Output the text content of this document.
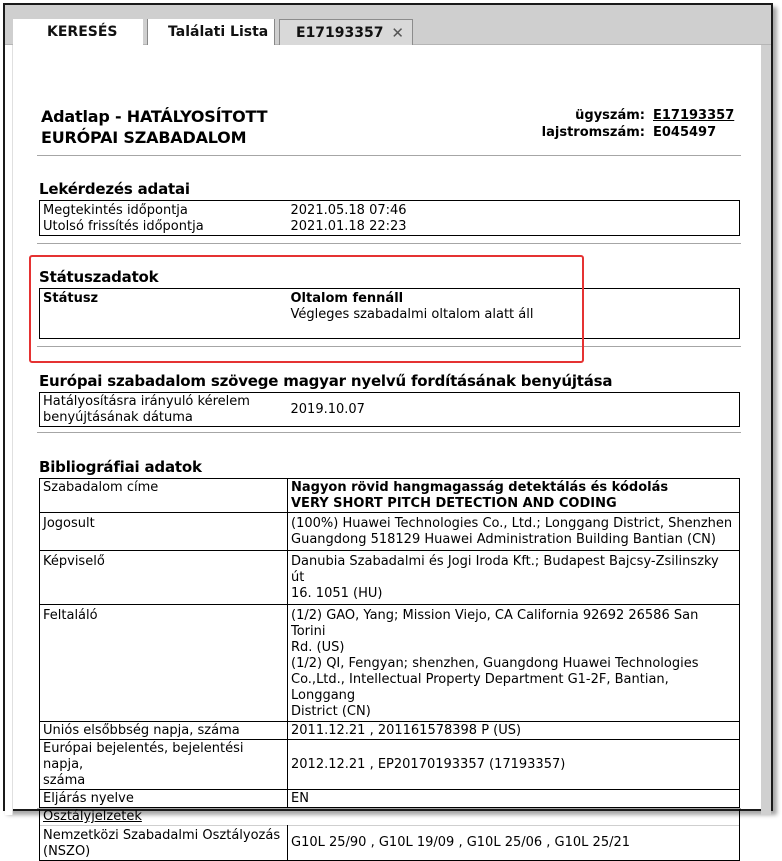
KERESÉS	Találati Lista	E17193357 ✕
Adatlap - HATÁLYOSÍTOTT
EURÓPAI SZABADALOM
ügyszám: E17193357
lajstromszám: E045497
Lekérdezés adatai
Megtekintés időpontja	2021.05.18 07:46
Utolsó frissítés időpontja	2021.01.18 22:23
Státuszadatok
Státusz	Oltalom fennáll
Végleges szabadalmi oltalom alatt áll
Európai szabadalom szövege magyar nyelvű fordításának benyújtása
Hatályosításra irányuló kérelem
benyújtásának dátuma
	2019.10.07
Bibliográfiai adatok
Szabadalom címe	Nagyon rövid hangmagasság detektálás és kódolás
VERY SHORT PITCH DETECTION AND CODING

Jogosult	(100%) Huawei Technologies Co., Ltd.; Longgang District, Shenzhen
Guangdong 518129 Huawei Administration Building Bantian (CN)

Képviselő	Danubia Szabadalmi és Jogi Iroda Kft.; Budapest Bajcsy-Zsilinszky út
16. 1051 (HU)

Feltaláló	(1/2) GAO, Yang; Mission Viejo, CA California 92692 26586 San Torini
Rd. (US)
(1/2) QI, Fengyan; shenzhen, Guangdong Huawei Technologies
Co.,Ltd., Intellectual Property Department G1-2F, Bantian, Longgang
District (CN)

Uniós elsőbbség napja, száma	2011.12.21 , 201161578398 P (US)

Európai bejelentés, bejelentési napja,
száma	2012.12.21 , EP20170193357 (17193357)
Eljárás nyelve	EN
Osztályjelzetek	

Nemzetközi Szabadalmi Osztályozás
(NSZO)	G10L 25/90 , G10L 19/09 , G10L 25/06 , G10L 25/21
